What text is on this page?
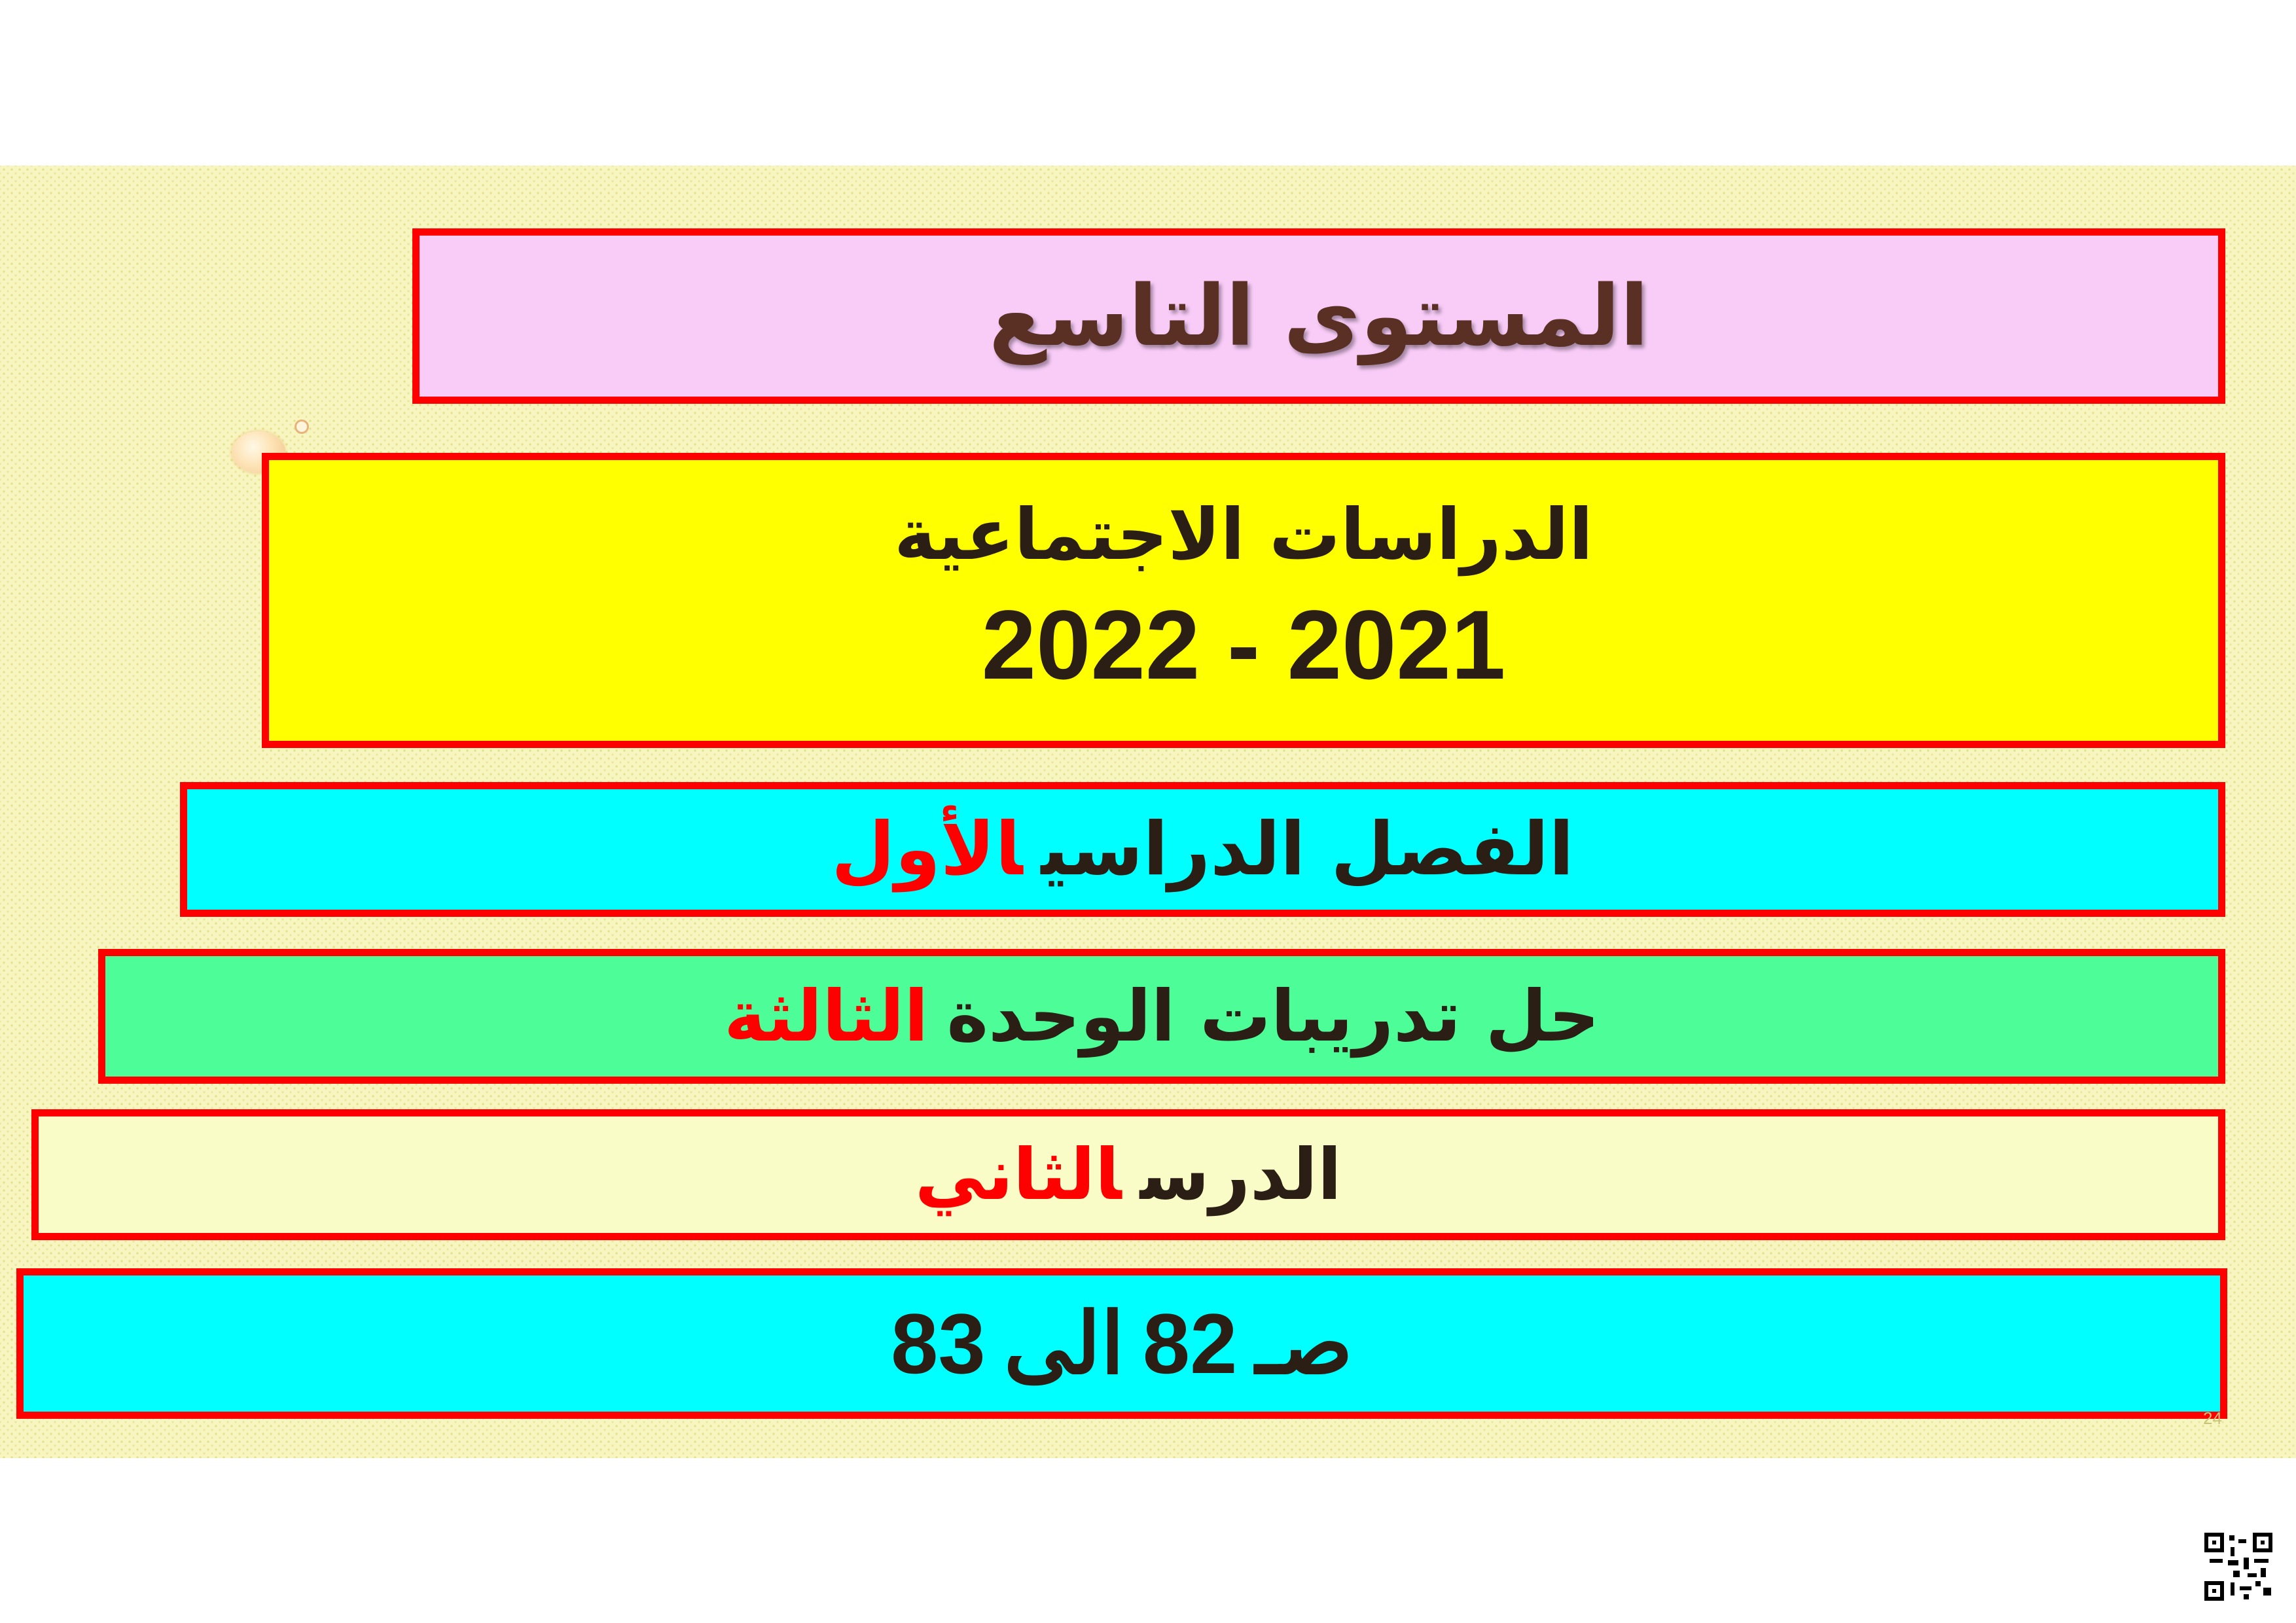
المستوى التاسع
الدراسات الاجتماعية
2022 - 2021
الفصل الدراسيالأول
حل تدريبات الوحدةالثالثة
الدرسالثاني
صـ82الى83
24
